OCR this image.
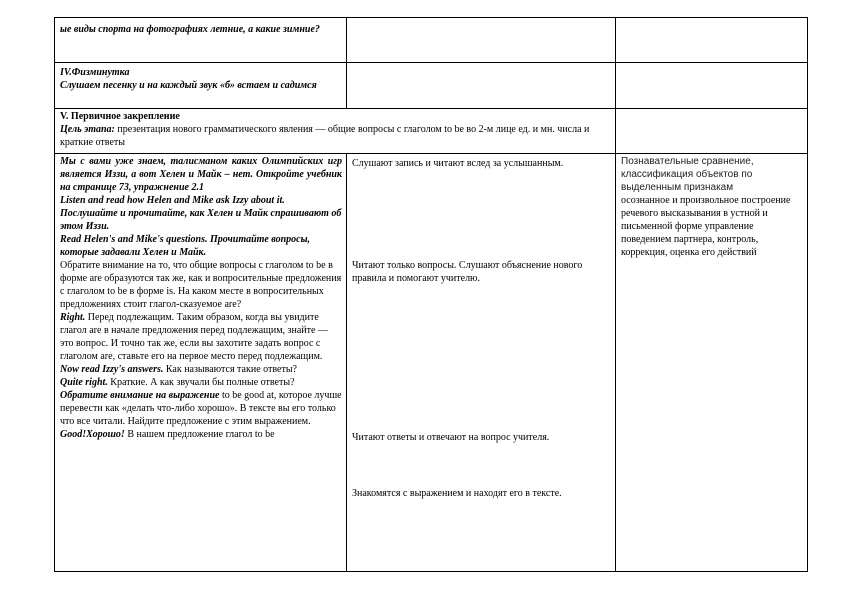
ые виды спорта на фотографиях летние, а какие зимние?

IV.Физминутка

Слушаем песенку и на каждый звук «б» встаем и садимся

V. Первичное закрепление

Цель этапа: презентация нового грамматического явления — общие вопросы с глаголом to be во 2-м лице ед. и мн. числа и краткие ответы

Мы с вами уже знаем, талисманом каких Олимпийских игр является Иззи, а вот Хелен и Майк – нет. Откройте учебник на странице 73, упражнение 2.1

Listen and read how Helen and Mike ask Izzy about it. Послушайте и прочитайте, как Хелен и Майк спрашивают об этом Иззи.

Read Helen's and Mike's questions. Прочитайте вопросы, которые задавали Хелен и Майк.

Обратите внимание на то, что общие вопросы с глаголом to be в форме are образуются так же, как и вопросительные предложения с глаголом to be в форме is. На каком месте в вопросительных предложениях стоит глагол-сказуемое are?

Right. Перед подлежащим. Таким образом, когда вы увидите глагол are в начале предложения перед подлежащим, знайте — это вопрос. И точно так же, если вы захотите задать вопрос с глаголом are, ставьте его на первое место перед подлежащим.

Now read Izzy's answers. Как называются такие ответы?

Quite right. Краткие. А как звучали бы полные ответы?

Обратите внимание на выражение to be good at, которое лучше перевести как «делать что-либо хорошо». В тексте вы его только что все читали. Найдите предложение с этим выражением.

Good!Хорошо! В нашем предложение глагол to be

Слушают запись и читают вслед за услышанным.
Читают только вопросы. Слушают объяснение нового правила и помогают учителю.
Читают ответы и отвечают на вопрос учителя.
Знакомятся с выражением и находят его в тексте.

Познавательные сравнение, классификация объектов по выделенным признакам

осознанное и произвольное построение речевого высказывания в устной и письменной форме управление поведением партнера, контроль, коррекция, оценка его действий
